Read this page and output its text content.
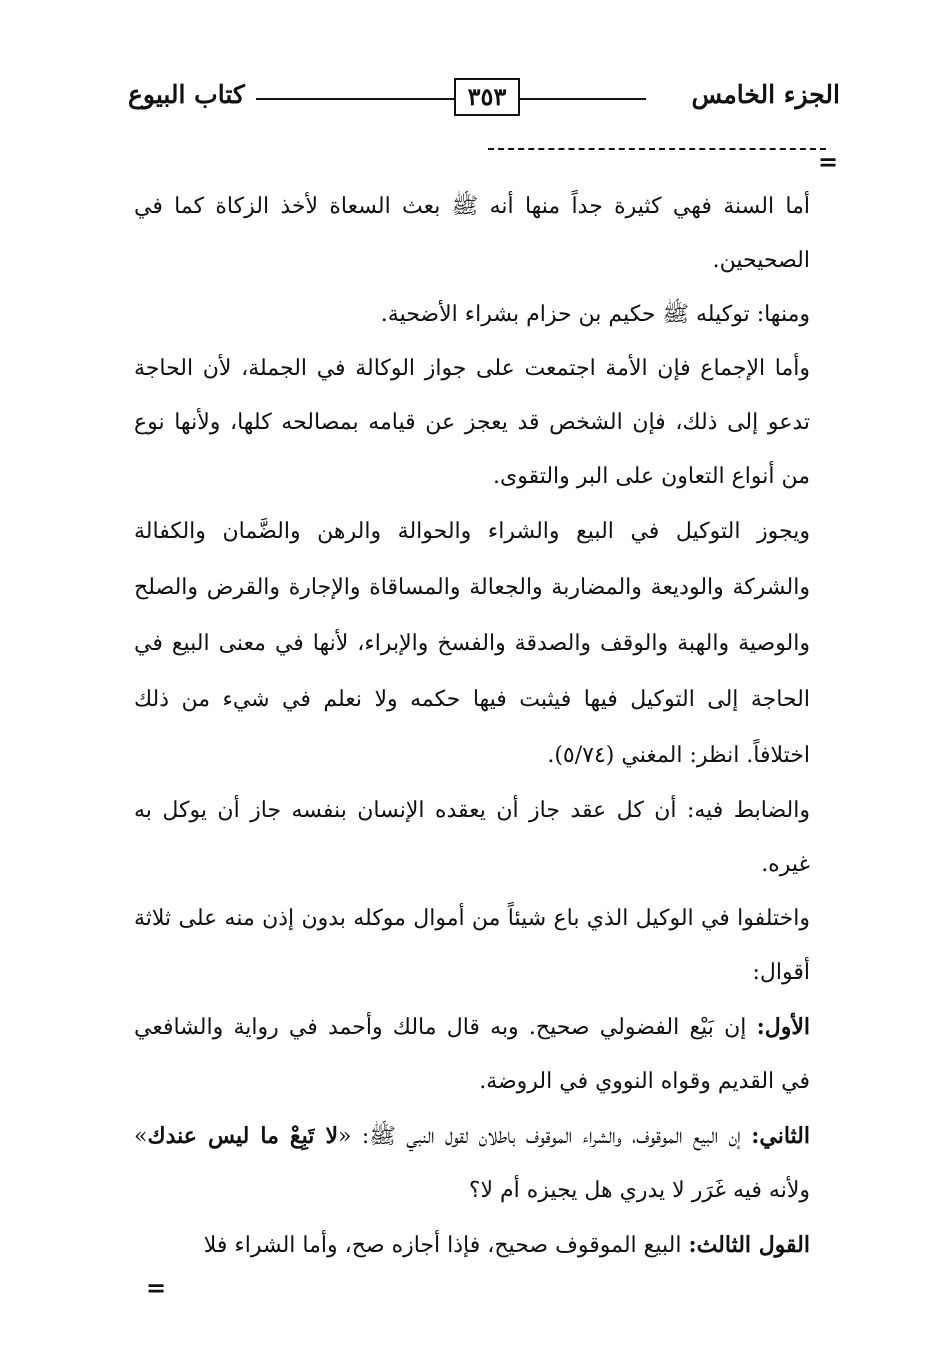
الجزء الخامس
٣٥٣
كتاب البيوع
=

أما السنة فهي كثيرة جداً منها أنه ﷺ بعث السعاة لأخذ الزكاة كما في الصحيحين.

ومنها: توكيله ﷺ حكيم بن حزام بشراء الأضحية.

وأما الإجماع فإن الأمة اجتمعت على جواز الوكالة في الجملة، لأن الحاجة تدعو إلى ذلك، فإن الشخص قد يعجز عن قيامه بمصالحه كلها، ولأنها نوع من أنواع التعاون على البر والتقوى.

ويجوز التوكيل في البيع والشراء والحوالة والرهن والضَّمان والكفالة والشركة والوديعة والمضاربة والجعالة والمساقاة والإجارة والقرض والصلح والوصية والهبة والوقف والصدقة والفسخ والإبراء، لأنها في معنى البيع في الحاجة إلى التوكيل فيها فيثبت فيها حكمه ولا نعلم في شيء من ذلك اختلافاً. انظر: المغني (٥/٧٤).

والضابط فيه: أن كل عقد جاز أن يعقده الإنسان بنفسه جاز أن يوكل به غيره.

واختلفوا في الوكيل الذي باع شيئاً من أموال موكله بدون إذن منه على ثلاثة أقوال:

الأول: إن بَيْع الفضولي صحيح. وبه قال مالك وأحمد في رواية والشافعي في القديم وقواه النووي في الروضة.

الثاني: إن البيع الموقوف، والشراء الموقوف باطلان لقول النبي ﷺ: «لا تَبِعْ ما ليس عندك» ولأنه فيه غَرَر لا يدري هل يجيزه أم لا؟

القول الثالث: البيع الموقوف صحيح، فإذا أجازه صح، وأما الشراء فلا

=
